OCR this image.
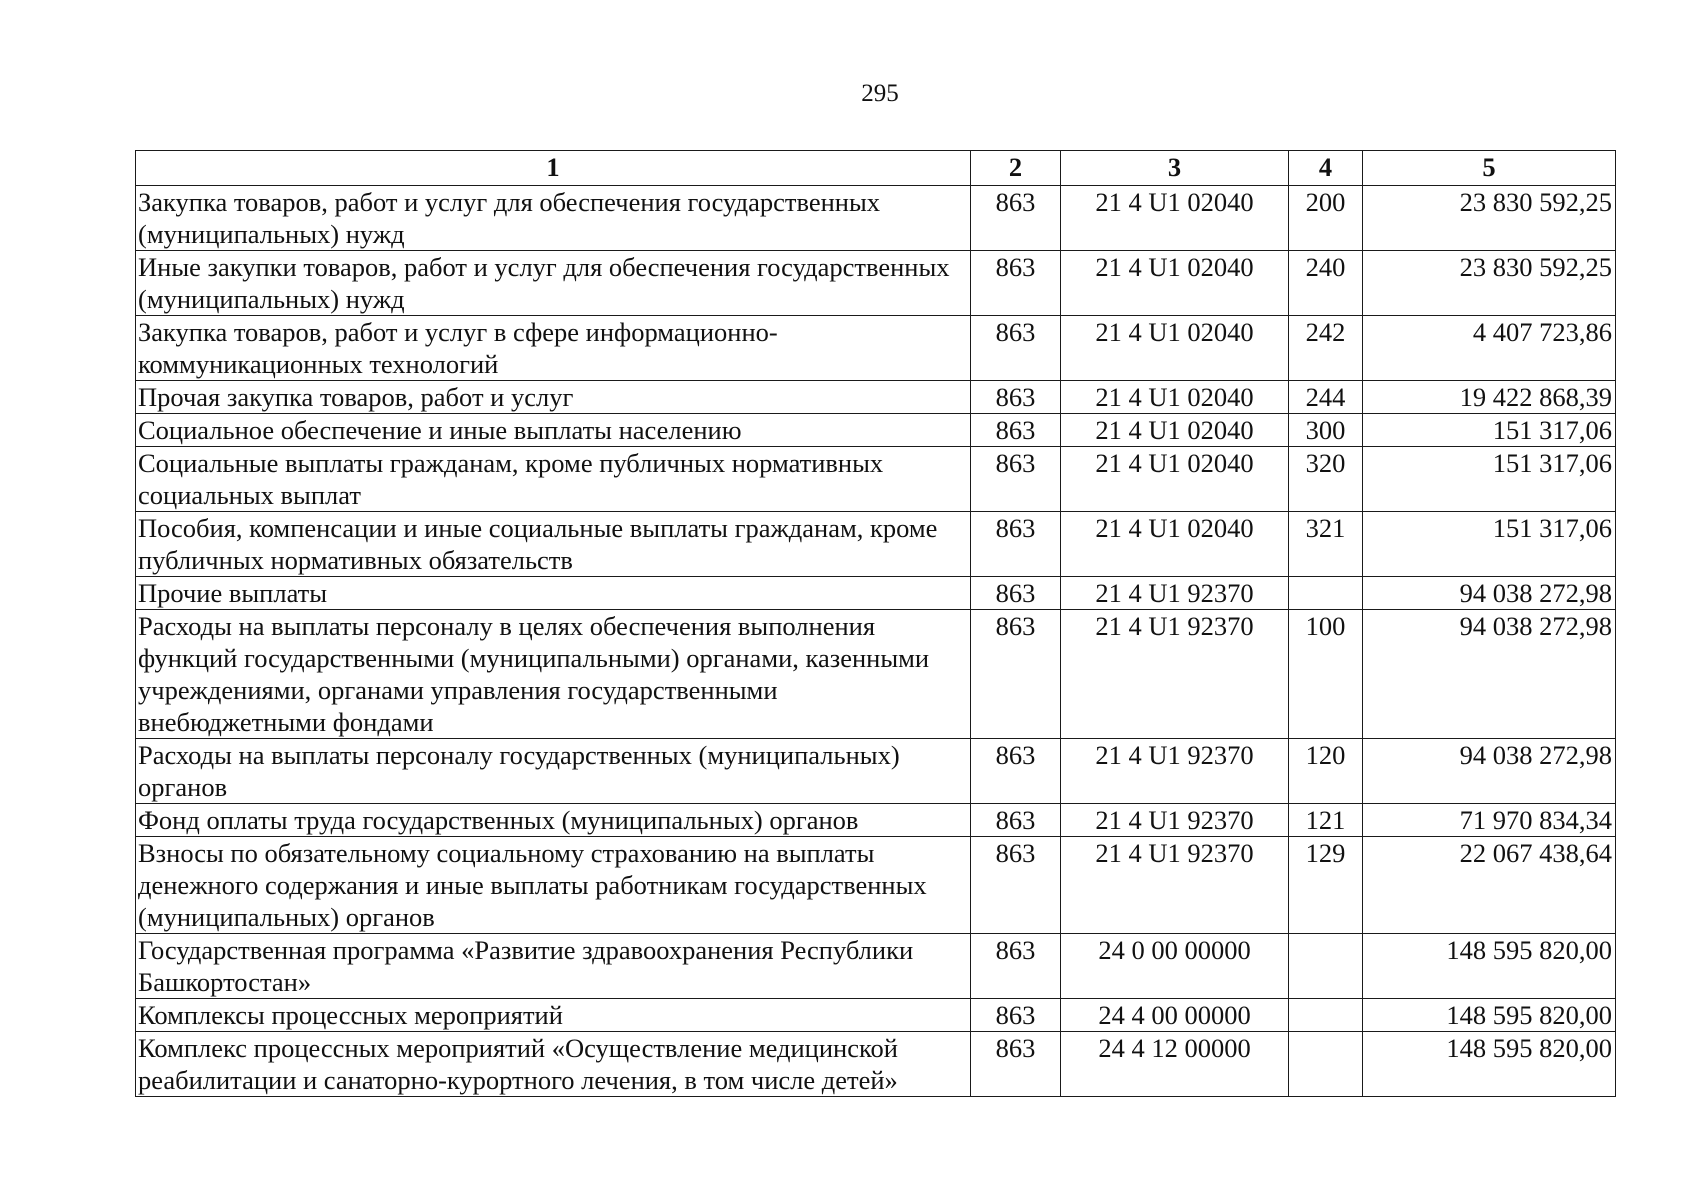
295
1	2	3	4	5
Закупка товаров, работ и услуг для обеспечения государственных (муниципальных) нужд	863	21 4 U1 02040	200	23 830 592,25
Иные закупки товаров, работ и услуг для обеспечения государственных (муниципальных) нужд	863	21 4 U1 02040	240	23 830 592,25
Закупка товаров, работ и услуг в сфере информационно-коммуникационных технологий	863	21 4 U1 02040	242	4 407 723,86
Прочая закупка товаров, работ и услуг	863	21 4 U1 02040	244	19 422 868,39
Социальное обеспечение и иные выплаты населению	863	21 4 U1 02040	300	151 317,06
Социальные выплаты гражданам, кроме публичных нормативных социальных выплат	863	21 4 U1 02040	320	151 317,06
Пособия, компенсации и иные социальные выплаты гражданам, кроме публичных нормативных обязательств	863	21 4 U1 02040	321	151 317,06
Прочие выплаты	863	21 4 U1 92370		94 038 272,98
Расходы на выплаты персоналу в целях обеспечения выполнения функций государственными (муниципальными) органами, казенными учреждениями, органами управления государственными внебюджетными фондами	863	21 4 U1 92370	100	94 038 272,98
Расходы на выплаты персоналу государственных (муниципальных) органов	863	21 4 U1 92370	120	94 038 272,98
Фонд оплаты труда государственных (муниципальных) органов	863	21 4 U1 92370	121	71 970 834,34
Взносы по обязательному социальному страхованию на выплаты денежного содержания и иные выплаты работникам государственных (муниципальных) органов	863	21 4 U1 92370	129	22 067 438,64
Государственная программа «Развитие здравоохранения Республики Башкортостан»	863	24 0 00 00000		148 595 820,00
Комплексы процессных мероприятий	863	24 4 00 00000		148 595 820,00
Комплекс процессных мероприятий «Осуществление медицинской реабилитации и санаторно-курортного лечения, в том числе детей»	863	24 4 12 00000		148 595 820,00
